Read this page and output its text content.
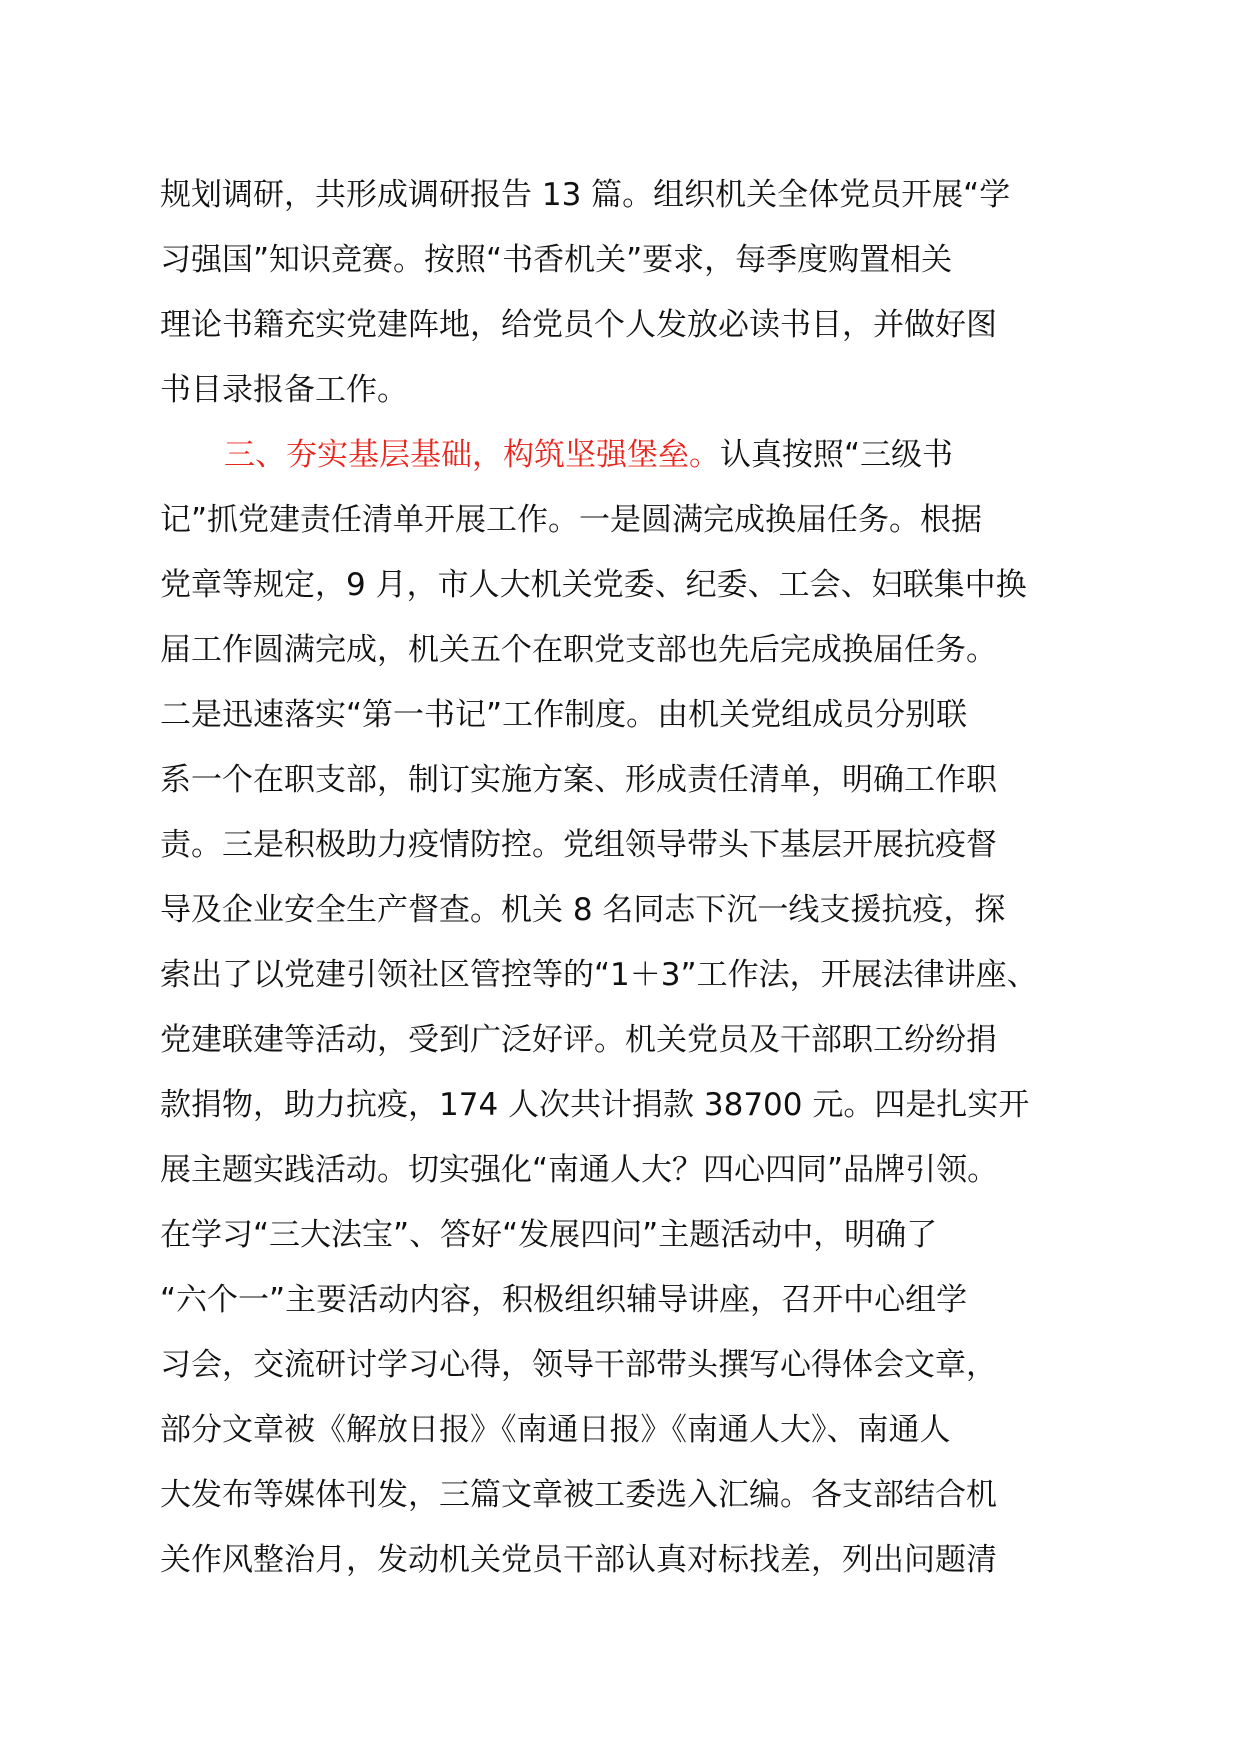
规划调研，共形成调研报告 13 篇。组织机关全体党员开展“学
习强国”知识竞赛。按照“书香机关”要求，每季度购置相关
理论书籍充实党建阵地，给党员个人发放必读书目，并做好图
书目录报备工作。

三、夯实基层基础，构筑坚强堡垒。认真按照“三级书
记”抓党建责任清单开展工作。一是圆满完成换届任务。根据
党章等规定，9 月，市人大机关党委、纪委、工会、妇联集中换
届工作圆满完成，机关五个在职党支部也先后完成换届任务。
二是迅速落实“第一书记”工作制度。由机关党组成员分别联
系一个在职支部，制订实施方案、形成责任清单，明确工作职
责。三是积极助力疫情防控。党组领导带头下基层开展抗疫督
导及企业安全生产督查。机关 8 名同志下沉一线支援抗疫，探
索出了以党建引领社区管控等的“1＋3”工作法，开展法律讲座、
党建联建等活动，受到广泛好评。机关党员及干部职工纷纷捐
款捐物，助力抗疫，174 人次共计捐款 38700 元。四是扎实开
展主题实践活动。切实强化“南通人大？四心四同”品牌引领。
在学习“三大法宝”、答好“发展四问”主题活动中，明确了
“六个一”主要活动内容，积极组织辅导讲座，召开中心组学
习会，交流研讨学习心得，领导干部带头撰写心得体会文章，
部分文章被《解放日报》《南通日报》《南通人大》、南通人
大发布等媒体刊发，三篇文章被工委选入汇编。各支部结合机
关作风整治月，发动机关党员干部认真对标找差，列出问题清
